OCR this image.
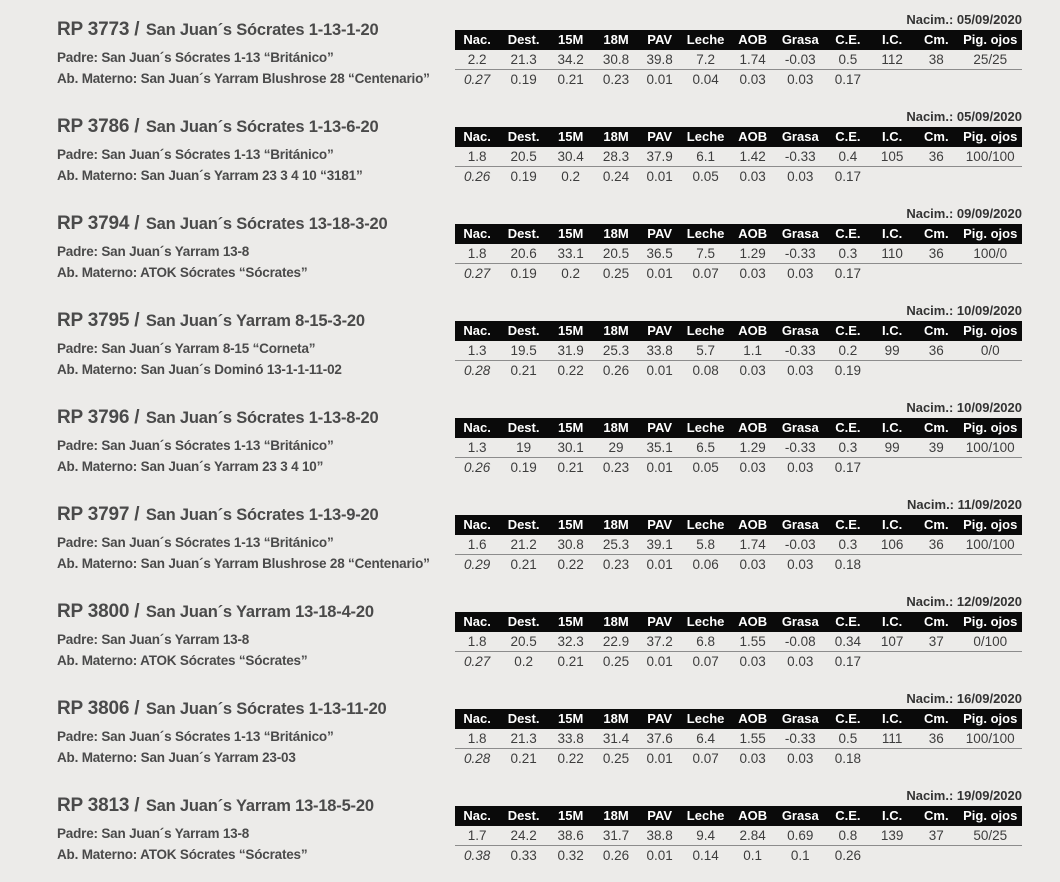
RP 3773 / San Juan´s Sócrates 1-13-1-20

Padre: San Juan´s Sócrates 1-13 “Británico”

Ab. Materno: San Juan´s Yarram Blushrose 28 “Centenario”

Nacim.: 05/09/2020

Nac.	Dest.	15M	18M	PAV	Leche	AOB	Grasa	C.E.	I.C.	Cm.	Pig. ojos
2.2	21.3	34.2	30.8	39.8	7.2	1.74	-0.03	0.5	112	38	25/25
0.27	0.19	0.21	0.23	0.01	0.04	0.03	0.03	0.17			
RP 3786 / San Juan´s Sócrates 1-13-6-20

Padre: San Juan´s Sócrates 1-13 “Británico”

Ab. Materno: San Juan´s Yarram 23 3 4 10 “3181”

Nacim.: 05/09/2020

Nac.	Dest.	15M	18M	PAV	Leche	AOB	Grasa	C.E.	I.C.	Cm.	Pig. ojos
1.8	20.5	30.4	28.3	37.9	6.1	1.42	-0.33	0.4	105	36	100/100
0.26	0.19	0.2	0.24	0.01	0.05	0.03	0.03	0.17			
RP 3794 / San Juan´s Sócrates 13-18-3-20

Padre: San Juan´s Yarram 13-8

Ab. Materno: ATOK Sócrates “Sócrates”

Nacim.: 09/09/2020

Nac.	Dest.	15M	18M	PAV	Leche	AOB	Grasa	C.E.	I.C.	Cm.	Pig. ojos
1.8	20.6	33.1	20.5	36.5	7.5	1.29	-0.33	0.3	110	36	100/0
0.27	0.19	0.2	0.25	0.01	0.07	0.03	0.03	0.17			
RP 3795 / San Juan´s Yarram 8-15-3-20

Padre: San Juan´s Yarram 8-15 “Corneta”

Ab. Materno: San Juan´s Dominó 13-1-1-11-02

Nacim.: 10/09/2020

Nac.	Dest.	15M	18M	PAV	Leche	AOB	Grasa	C.E.	I.C.	Cm.	Pig. ojos
1.3	19.5	31.9	25.3	33.8	5.7	1.1	-0.33	0.2	99	36	0/0
0.28	0.21	0.22	0.26	0.01	0.08	0.03	0.03	0.19			
RP 3796 / San Juan´s Sócrates 1-13-8-20

Padre: San Juan´s Sócrates 1-13 “Británico”

Ab. Materno: San Juan´s Yarram 23 3 4 10”

Nacim.: 10/09/2020

Nac.	Dest.	15M	18M	PAV	Leche	AOB	Grasa	C.E.	I.C.	Cm.	Pig. ojos
1.3	19	30.1	29	35.1	6.5	1.29	-0.33	0.3	99	39	100/100
0.26	0.19	0.21	0.23	0.01	0.05	0.03	0.03	0.17			
RP 3797 / San Juan´s Sócrates 1-13-9-20

Padre: San Juan´s Sócrates 1-13 “Británico”

Ab. Materno: San Juan´s Yarram Blushrose 28 “Centenario”

Nacim.: 11/09/2020

Nac.	Dest.	15M	18M	PAV	Leche	AOB	Grasa	C.E.	I.C.	Cm.	Pig. ojos
1.6	21.2	30.8	25.3	39.1	5.8	1.74	-0.03	0.3	106	36	100/100
0.29	0.21	0.22	0.23	0.01	0.06	0.03	0.03	0.18			
RP 3800 / San Juan´s Yarram 13-18-4-20

Padre: San Juan´s Yarram 13-8

Ab. Materno: ATOK Sócrates “Sócrates”

Nacim.: 12/09/2020

Nac.	Dest.	15M	18M	PAV	Leche	AOB	Grasa	C.E.	I.C.	Cm.	Pig. ojos
1.8	20.5	32.3	22.9	37.2	6.8	1.55	-0.08	0.34	107	37	0/100
0.27	0.2	0.21	0.25	0.01	0.07	0.03	0.03	0.17			
RP 3806 / San Juan´s Sócrates 1-13-11-20

Padre: San Juan´s Sócrates 1-13 “Británico”

Ab. Materno: San Juan´s Yarram 23-03

Nacim.: 16/09/2020

Nac.	Dest.	15M	18M	PAV	Leche	AOB	Grasa	C.E.	I.C.	Cm.	Pig. ojos
1.8	21.3	33.8	31.4	37.6	6.4	1.55	-0.33	0.5	111	36	100/100
0.28	0.21	0.22	0.25	0.01	0.07	0.03	0.03	0.18			
RP 3813 / San Juan´s Yarram 13-18-5-20

Padre: San Juan´s Yarram 13-8

Ab. Materno: ATOK Sócrates “Sócrates”

Nacim.: 19/09/2020

Nac.	Dest.	15M	18M	PAV	Leche	AOB	Grasa	C.E.	I.C.	Cm.	Pig. ojos
1.7	24.2	38.6	31.7	38.8	9.4	2.84	0.69	0.8	139	37	50/25
0.38	0.33	0.32	0.26	0.01	0.14	0.1	0.1	0.26			
